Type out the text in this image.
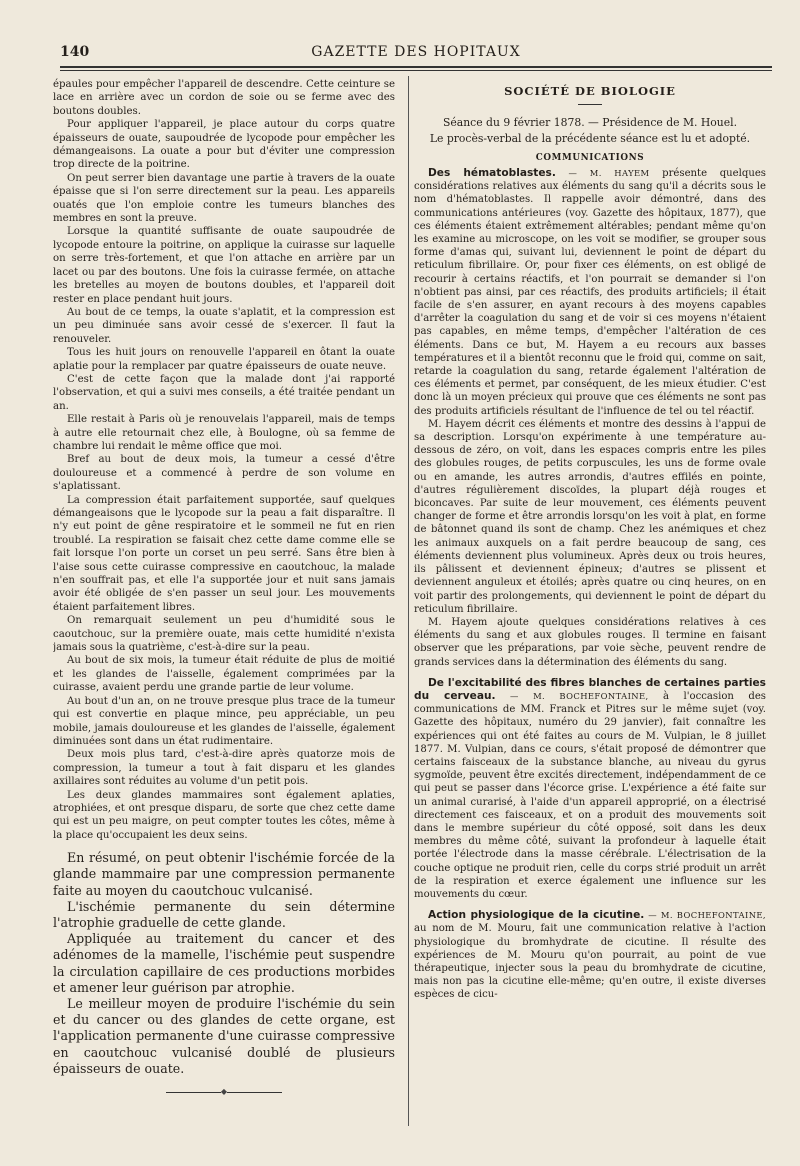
140	GAZETTE DES HOPITAUX

épaules pour empêcher l'appareil de descendre. Cette ceinture se lace en arrière avec un cordon de soie ou se ferme avec des boutons doubles.

Pour appliquer l'appareil, je place autour du corps quatre épaisseurs de ouate, saupoudrée de lycopode pour empêcher les démangeaisons. La ouate a pour but d'éviter une compression trop directe de la poitrine.

On peut serrer bien davantage une partie à travers de la ouate épaisse que si l'on serre directement sur la peau. Les appareils ouatés que l'on emploie contre les tumeurs blanches des membres en sont la preuve.

Lorsque la quantité suffisante de ouate saupoudrée de lycopode entoure la poitrine, on applique la cuirasse sur laquelle on serre très-fortement, et que l'on attache en arrière par un lacet ou par des boutons. Une fois la cuirasse fermée, on attache les bretelles au moyen de boutons doubles, et l'appareil doit rester en place pendant huit jours.

Au bout de ce temps, la ouate s'aplatit, et la compression est un peu diminuée sans avoir cessé de s'exercer. Il faut la renouveler.

Tous les huit jours on renouvelle l'appareil en ôtant la ouate aplatie pour la remplacer par quatre épaisseurs de ouate neuve.

C'est de cette façon que la malade dont j'ai rapporté l'observation, et qui a suivi mes conseils, a été traitée pendant un an.

Elle restait à Paris où je renouvelais l'appareil, mais de temps à autre elle retournait chez elle, à Boulogne, où sa femme de chambre lui rendait le même office que moi.

Bref au bout de deux mois, la tumeur a cessé d'être douloureuse et a commencé à perdre de son volume en s'aplatissant.

La compression était parfaitement supportée, sauf quelques démangeaisons que le lycopode sur la peau a fait disparaître. Il n'y eut point de gêne respiratoire et le sommeil ne fut en rien troublé. La respiration se faisait chez cette dame comme elle se fait lorsque l'on porte un corset un peu serré. Sans être bien à l'aise sous cette cuirasse compressive en caoutchouc, la malade n'en souffrait pas, et elle l'a supportée jour et nuit sans jamais avoir été obligée de s'en passer un seul jour. Les mouvements étaient parfaitement libres.

On remarquait seulement un peu d'humidité sous le caoutchouc, sur la première ouate, mais cette humidité n'exista jamais sous la quatrième, c'est-à-dire sur la peau.

Au bout de six mois, la tumeur était réduite de plus de moitié et les glandes de l'aisselle, également comprimées par la cuirasse, avaient perdu une grande partie de leur volume.

Au bout d'un an, on ne trouve presque plus trace de la tumeur qui est convertie en plaque mince, peu appréciable, un peu mobile, jamais douloureuse et les glandes de l'aisselle, également diminuées sont dans un état rudimentaire.

Deux mois plus tard, c'est-à-dire après quatorze mois de compression, la tumeur a tout à fait disparu et les glandes axillaires sont réduites au volume d'un petit pois.

Les deux glandes mammaires sont également aplaties, atrophiées, et ont presque disparu, de sorte que chez cette dame qui est un peu maigre, on peut compter toutes les côtes, même à la place qu'occupaient les deux seins.

En résumé, on peut obtenir l'ischémie forcée de la glande mammaire par une compression permanente faite au moyen du caoutchouc vulcanisé.

L'ischémie permanente du sein détermine l'atrophie graduelle de cette glande.

Appliquée au traitement du cancer et des adénomes de la mamelle, l'ischémie peut suspendre la circulation capillaire de ces productions morbides et amener leur guérison par atrophie.

Le meilleur moyen de produire l'ischémie du sein et du cancer ou des glandes de cette organe, est l'application permanente d'une cuirasse compressive en caoutchouc vulcanisé doublé de plusieurs épaisseurs de ouate.

◆
SOCIÉTÉ DE BIOLOGIE

Séance du 9 février 1878. — Présidence de M. Houel.

Le procès-verbal de la précédente séance est lu et adopté.

COMMUNICATIONS

Des hématoblastes. — M. HAYEM présente quelques considérations relatives aux éléments du sang qu'il a décrits sous le nom d'hématoblastes. Il rappelle avoir démontré, dans des communications antérieures (voy. Gazette des hôpitaux, 1877), que ces éléments étaient extrêmement altérables; pendant même qu'on les examine au microscope, on les voit se modifier, se grouper sous forme d'amas qui, suivant lui, deviennent le point de départ du reticulum fibrillaire. Or, pour fixer ces éléments, on est obligé de recourir à certains réactifs, et l'on pourrait se demander si l'on n'obtient pas ainsi, par ces réactifs, des produits artificiels; il était facile de s'en assurer, en ayant recours à des moyens capables d'arrêter la coagulation du sang et de voir si ces moyens n'étaient pas capables, en même temps, d'empêcher l'altération de ces éléments. Dans ce but, M. Hayem a eu recours aux basses températures et il a bientôt reconnu que le froid qui, comme on sait, retarde la coagulation du sang, retarde également l'altération de ces éléments et permet, par conséquent, de les mieux étudier. C'est donc là un moyen précieux qui prouve que ces éléments ne sont pas des produits artificiels résultant de l'influence de tel ou tel réactif.

M. Hayem décrit ces éléments et montre des dessins à l'appui de sa description. Lorsqu'on expérimente à une température au-dessous de zéro, on voit, dans les espaces compris entre les piles des globules rouges, de petits corpuscules, les uns de forme ovale ou en amande, les autres arrondis, d'autres effilés en pointe, d'autres régulièrement discoïdes, la plupart déjà rouges et biconcaves. Par suite de leur mouvement, ces éléments peuvent changer de forme et être arrondis lorsqu'on les voit à plat, en forme de bâtonnet quand ils sont de champ. Chez les anémiques et chez les animaux auxquels on a fait perdre beaucoup de sang, ces éléments deviennent plus volumineux. Après deux ou trois heures, ils pâlissent et deviennent épineux; d'autres se plissent et deviennent anguleux et étoilés; après quatre ou cinq heures, on en voit partir des prolongements, qui deviennent le point de départ du reticulum fibrillaire.

M. Hayem ajoute quelques considérations relatives à ces éléments du sang et aux globules rouges. Il termine en faisant observer que les préparations, par voie sèche, peuvent rendre de grands services dans la détermination des éléments du sang.

De l'excitabilité des fibres blanches de certaines parties du cerveau. — M. BOCHEFONTAINE, à l'occasion des communications de MM. Franck et Pitres sur le même sujet (voy. Gazette des hôpitaux, numéro du 29 janvier), fait connaître les expériences qui ont été faites au cours de M. Vulpian, le 8 juillet 1877. M. Vulpian, dans ce cours, s'était proposé de démontrer que certains faisceaux de la substance blanche, au niveau du gyrus sygmoïde, peuvent être excités directement, indépendamment de ce qui peut se passer dans l'écorce grise. L'expérience a été faite sur un animal curarisé, à l'aide d'un appareil approprié, on a électrisé directement ces faisceaux, et on a produit des mouvements soit dans le membre supérieur du côté opposé, soit dans les deux membres du même côté, suivant la profondeur à laquelle était portée l'électrode dans la masse cérébrale. L'électrisation de la couche optique ne produit rien, celle du corps strié produit un arrêt de la respiration et exerce également une influence sur les mouvements du cœur.

Action physiologique de la cicutine. — M. BOCHEFONTAINE, au nom de M. Mouru, fait une communication relative à l'action physiologique du bromhydrate de cicutine. Il résulte des expériences de M. Mouru qu'on pourrait, au point de vue thérapeutique, injecter sous la peau du bromhydrate de cicutine, mais non pas la cicutine elle-même; qu'en outre, il existe diverses espèces de cicu-
